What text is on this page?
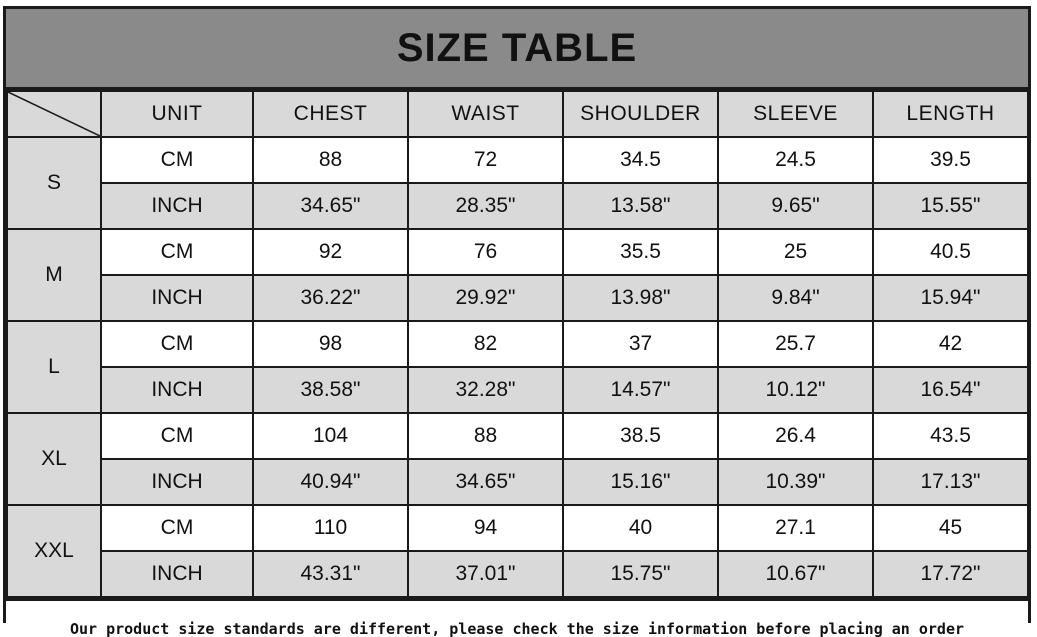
SIZE TABLE
	UNIT	CHEST	WAIST	SHOULDER	SLEEVE	LENGTH
S	CM	88	72	34.5	24.5	39.5
	INCH	34.65"	28.35"	13.58"	9.65"	15.55"
M	CM	92	76	35.5	25	40.5
	INCH	36.22"	29.92"	13.98"	9.84"	15.94"
L	CM	98	82	37	25.7	42
	INCH	38.58"	32.28"	14.57"	10.12"	16.54"
XL	CM	104	88	38.5	26.4	43.5
	INCH	40.94"	34.65"	15.16"	10.39"	17.13"
XXL	CM	110	94	40	27.1	45
	INCH	43.31"	37.01"	15.75"	10.67"	17.72"
Our product size standards are different, please check the size information before placing an order
